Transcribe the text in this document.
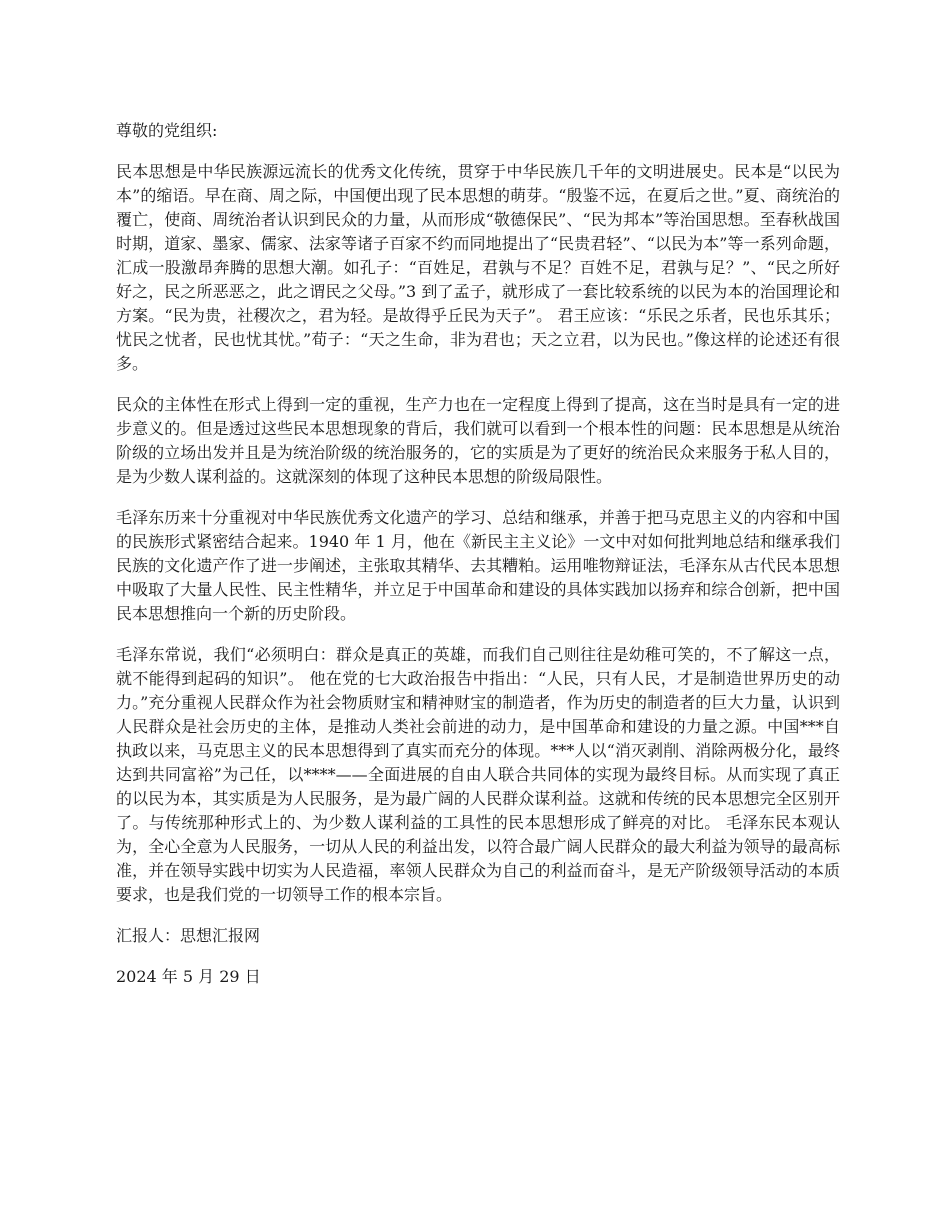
尊敬的党组织:

民本思想是中华民族源远流长的优秀文化传统，贯穿于中华民族几千年的文明进展史。民本是“以民为本”的缩语。早在商、周之际，中国便出现了民本思想的萌芽。“殷鉴不远，在夏后之世。”夏、商统治的覆亡，使商、周统治者认识到民众的力量，从而形成“敬德保民”、“民为邦本”等治国思想。至春秋战国时期，道家、墨家、儒家、法家等诸子百家不约而同地提出了“民贵君轻”、“以民为本”等一系列命题，汇成一股激昂奔腾的思想大潮。如孔子：“百姓足，君孰与不足？百姓不足，君孰与足？”、“民之所好好之，民之所恶恶之，此之谓民之父母。”3 到了孟子，就形成了一套比较系统的以民为本的治国理论和方案。“民为贵，社稷次之，君为轻。是故得乎丘民为天子”。 君王应该：“乐民之乐者，民也乐其乐；忧民之忧者，民也忧其忧。”荀子：“天之生命，非为君也；天之立君，以为民也。”像这样的论述还有很多。

民众的主体性在形式上得到一定的重视，生产力也在一定程度上得到了提高，这在当时是具有一定的进步意义的。但是透过这些民本思想现象的背后，我们就可以看到一个根本性的问题：民本思想是从统治阶级的立场出发并且是为统治阶级的统治服务的，它的实质是为了更好的统治民众来服务于私人目的，是为少数人谋利益的。这就深刻的体现了这种民本思想的阶级局限性。

毛泽东历来十分重视对中华民族优秀文化遗产的学习、总结和继承，并善于把马克思主义的内容和中国的民族形式紧密结合起来。1940 年 1 月，他在《新民主主义论》一文中对如何批判地总结和继承我们民族的文化遗产作了进一步阐述，主张取其精华、去其糟粕。运用唯物辩证法，毛泽东从古代民本思想中吸取了大量人民性、民主性精华，并立足于中国革命和建设的具体实践加以扬弃和综合创新，把中国民本思想推向一个新的历史阶段。

毛泽东常说，我们“必须明白：群众是真正的英雄，而我们自己则往往是幼稚可笑的，不了解这一点，就不能得到起码的知识”。 他在党的七大政治报告中指出：“人民，只有人民，才是制造世界历史的动力。”充分重视人民群众作为社会物质财宝和精神财宝的制造者，作为历史的制造者的巨大力量，认识到人民群众是社会历史的主体，是推动人类社会前进的动力，是中国革命和建设的力量之源。中国***自执政以来，马克思主义的民本思想得到了真实而充分的体现。***人以“消灭剥削、消除两极分化，最终达到共同富裕”为己任，以****——全面进展的自由人联合共同体的实现为最终目标。从而实现了真正的以民为本，其实质是为人民服务，是为最广阔的人民群众谋利益。这就和传统的民本思想完全区别开了。与传统那种形式上的、为少数人谋利益的工具性的民本思想形成了鲜亮的对比。 毛泽东民本观认为，全心全意为人民服务，一切从人民的利益出发，以符合最广阔人民群众的最大利益为领导的最高标准，并在领导实践中切实为人民造福，率领人民群众为自己的利益而奋斗，是无产阶级领导活动的本质要求，也是我们党的一切领导工作的根本宗旨。

汇报人：思想汇报网

2024 年 5 月 29 日
